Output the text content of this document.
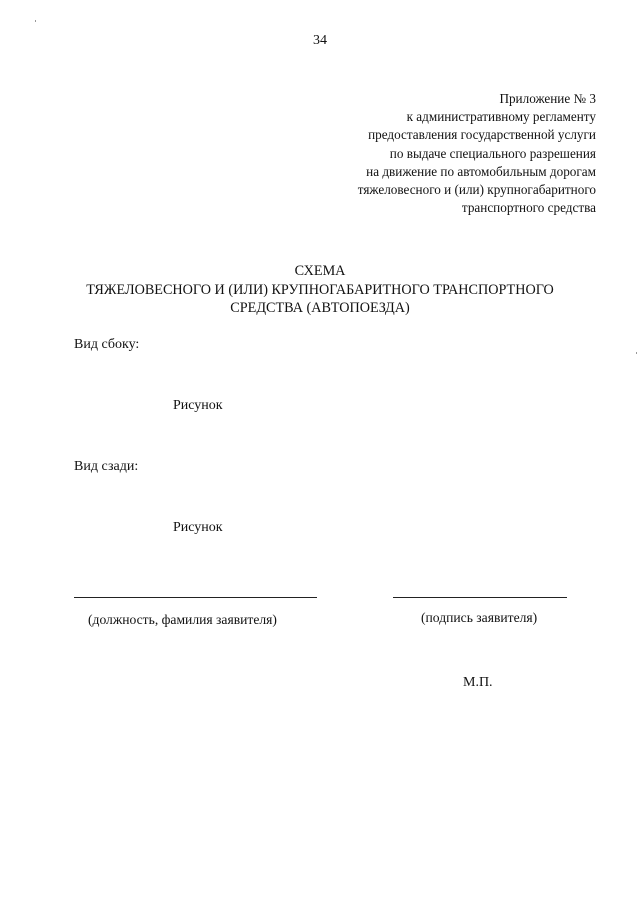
34
Приложение № 3
к административному регламенту
предоставления государственной услуги
по выдаче специального разрешения
на движение по автомобильным дорогам
тяжеловесного и (или) крупногабаритного
транспортного средства
СХЕМА
ТЯЖЕЛОВЕСНОГО И (ИЛИ) КРУПНОГАБАРИТНОГО ТРАНСПОРТНОГО
СРЕДСТВА (АВТОПОЕЗДА)
Вид сбоку:
Рисунок
Вид сзади:
Рисунок
(должность, фамилия заявителя)	(подпись заявителя)
М.П.
